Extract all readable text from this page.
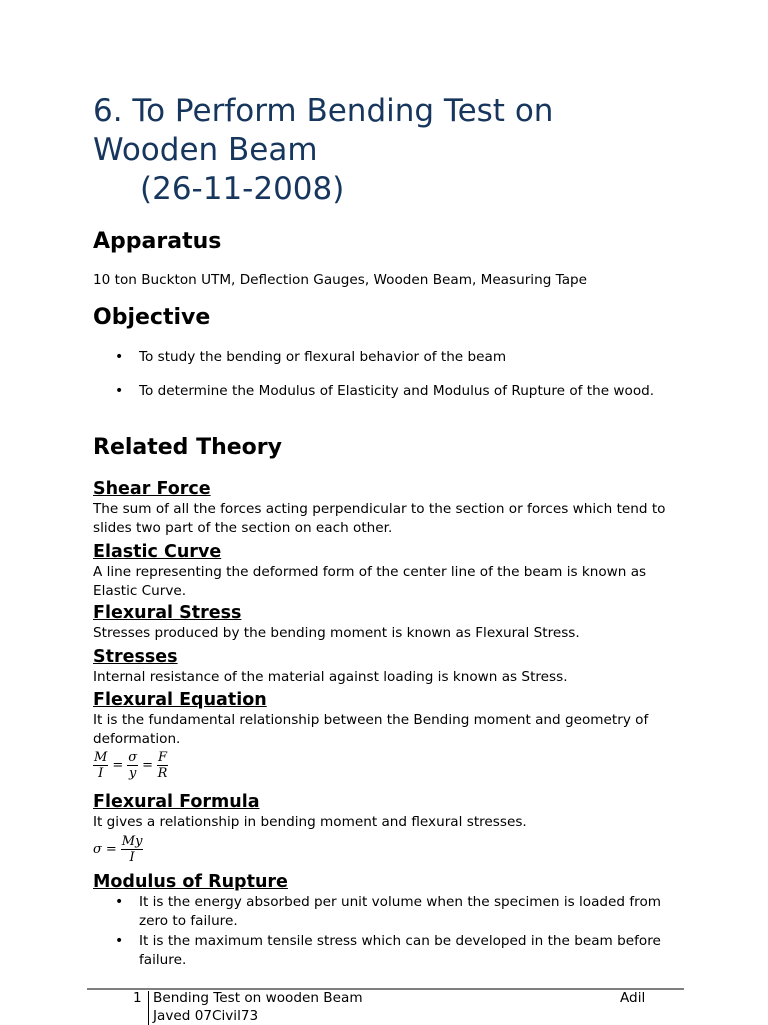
6. To Perform Bending Test on
Wooden Beam
(26-11-2008)
Apparatus
10 ton Buckton UTM, Deflection Gauges, Wooden Beam, Measuring Tape
Objective
• To study the bending or flexural behavior of the beam
• To determine the Modulus of Elasticity and Modulus of Rupture of the wood.
Related Theory
Shear Force
The sum of all the forces acting perpendicular to the section or forces which tend to slides two part of the section on each other.
Elastic Curve
A line representing the deformed form of the center line of the beam is known as Elastic Curve.
Flexural Stress
Stresses produced by the bending moment is known as Flexural Stress.
Stresses
Internal resistance of the material against loading is known as Stress.
Flexural Equation
It is the fundamental relationship between the Bending moment and geometry of deformation.
$\frac{M}{I} = \frac{\sigma}{y} = \frac{F}{R}$
Flexural Formula
It gives a relationship in bending moment and flexural stresses.
$\sigma = \frac{My}{I}$
Modulus of Rupture
• It is the energy absorbed per unit volume when the specimen is loaded from zero to failure.
• It is the maximum tensile stress which can be developed in the beam before failure.
1 Bending Test on wooden Beam
Javed 07Civil73
Adil
